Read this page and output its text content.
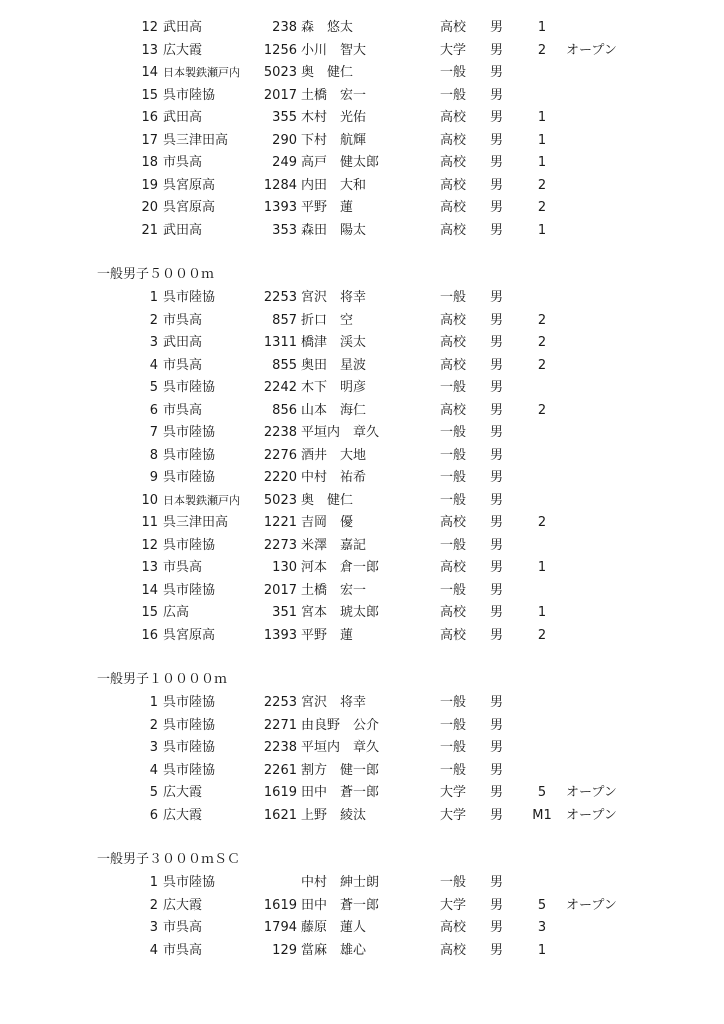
12 武田高	238 森　悠太	高校 男	1
13 広大霞	1256 小川　智大	大学 男	2	オープン
14 日本製鉄瀬戸内 5023 奥　健仁	一般 男
15 呉市陸協	2017 土橋　宏一	一般 男
16 武田高	355 木村　光佑	高校 男	1
17 呉三津田高	290 下村　航輝	高校 男	1
18 市呉高	249 高戸　健太郎	高校 男	1
19 呉宮原高	1284 内田　大和	高校 男	2
20 呉宮原高	1393 平野　蓮	高校 男	2
21 武田高	353 森田　陽太	高校 男	1
一般男子５０００ｍ
1 呉市陸協	2253 宮沢　将幸	一般 男
2 市呉高	857 折口　空	高校 男	2
3 武田高	1311 橋津　渓太	高校 男	2
4 市呉高	855 奥田　星波	高校 男	2
5 呉市陸協	2242 木下　明彦	一般 男
6 市呉高	856 山本　海仁	高校 男	2
7 呉市陸協	2238 平垣内　章久	一般 男
8 呉市陸協	2276 酒井　大地	一般 男
9 呉市陸協	2220 中村　祐希	一般 男
10 日本製鉄瀬戸内 5023 奥　健仁	一般 男
11 呉三津田高	1221 吉岡　優	高校 男	2
12 呉市陸協	2273 米澤　嘉記	一般 男
13 市呉高	130 河本　倉一郎	高校 男	1
14 呉市陸協	2017 土橋　宏一	一般 男
15 広高	351 宮本　琥太郎	高校 男	1
16 呉宮原高	1393 平野　蓮	高校 男	2
一般男子１００００ｍ
1 呉市陸協	2253 宮沢　将幸	一般 男
2 呉市陸協	2271 由良野　公介	一般 男
3 呉市陸協	2238 平垣内　章久	一般 男
4 呉市陸協	2261 割方　健一郎	一般 男
5 広大霞	1619 田中　蒼一郎	大学 男	5	オープン
6 広大霞	1621 上野　綾汰	大学 男	M1	オープン
一般男子３０００ｍＳＣ
1 呉市陸協	中村　紳士朗	一般 男
2 広大霞	1619 田中　蒼一郎	大学 男	5	オープン
3 市呉高	1794 藤原　蓮人	高校 男	3
4 市呉高	129 當麻　雄心	高校 男	1
